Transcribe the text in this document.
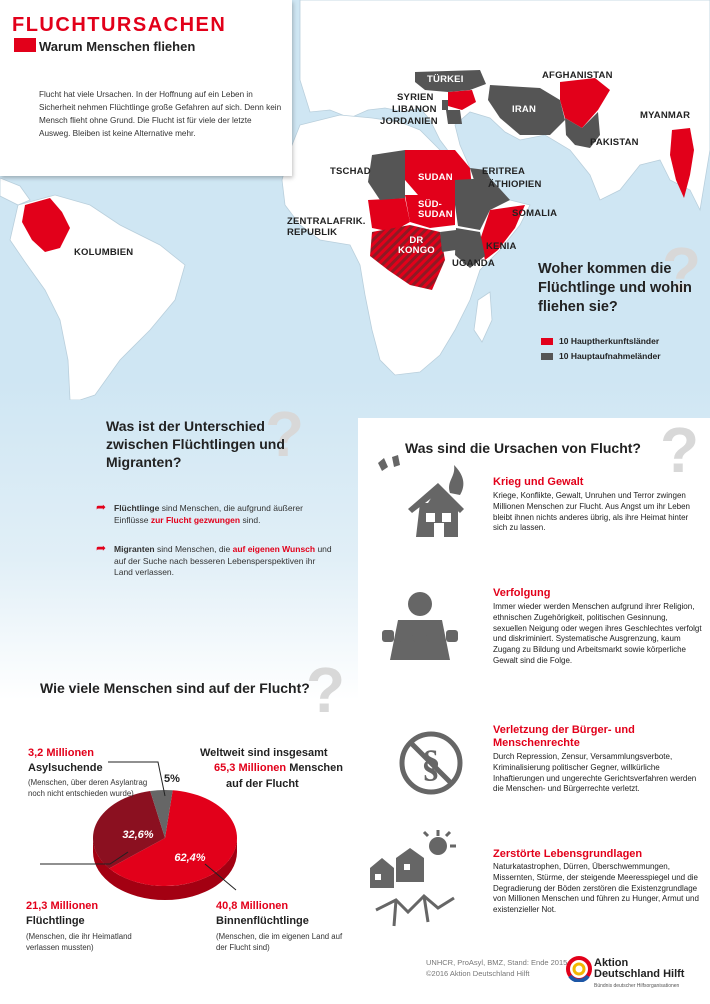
TÜRKEI
SYRIEN
LIBANON
JORDANIEN
AFGHANISTAN
IRAN
PAKISTAN
MYANMAR
TSCHAD
SUDAN
ERITREA
ÄTHIOPIEN
SÜD-
SUDAN	SOMALIA
ZENTRALAFRIK.
REPUBLIK
DR
KONGO	KENIA
UGANDA
KOLUMBIEN	?
Woher kommen die Flüchtlinge und wohin fliehen sie?
10 Hauptherkunftsländer
10 Hauptaufnahmeländer
FLUCHTURSACHEN
Warum Menschen fliehen
Flucht hat viele Ursachen. In der Hoffnung auf ein Leben in Sicherheit nehmen Flüchtlinge große Gefahren auf sich. Denn kein Mensch flieht ohne Grund. Die Flucht ist für viele der letzte Ausweg. Bleiben ist keine Alternative mehr.
?
Was ist der Unterschied zwischen Flüchtlingen und Migranten?
➦ Flüchtlinge sind Menschen, die aufgrund äußerer Einflüsse zur Flucht gezwungen sind.
➦ Migranten sind Menschen, die auf eigenen Wunsch und auf der Suche nach besseren Lebensperspektiven ihr Land verlassen.
?
Was sind die Ursachen von Flucht?
§
Krieg und Gewalt
Kriege, Konflikte, Gewalt, Unruhen und Terror zwingen Millionen Menschen zur Flucht. Aus Angst um ihr Leben bleibt ihnen nichts anderes übrig, als ihre Heimat hinter sich zu lassen.
Verfolgung
Immer wieder werden Menschen aufgrund ihrer Religion, ethnischen Zugehörigkeit, politischen Gesinnung, sexuellen Neigung oder wegen ihres Geschlechtes verfolgt und diskriminiert. Systematische Ausgrenzung, kaum Zugang zu Bildung und Arbeitsmarkt sowie körperliche Gewalt sind die Folge.
Verletzung der Bürger- und Menschenrechte
Durch Repression, Zensur, Versammlungsverbote, Kriminalisierung politischer Gegner, willkürliche Inhaftierungen und ungerechte Gerichtsverfahren werden die Menschen- und Bürgerrechte verletzt.
Zerstörte Lebensgrundlagen
Naturkatastrophen, Dürren, Überschwemmungen, Missernten, Stürme, der steigende Meeresspiegel und die Degradierung der Böden zerstören die Existenzgrundlage von Millionen Menschen und führen zu Hunger, Armut und existenzieller Not.
?
Wie viele Menschen sind auf der Flucht?
32,6%
62,4%
5%
3,2 Millionen
Asylsuchende
(Menschen, über deren Asylantrag noch nicht entschieden wurde)
Weltweit sind insgesamt
65,3 Millionen Menschen
auf der Flucht
21,3 Millionen
Flüchtlinge
(Menschen, die ihr Heimatland verlassen mussten)
40,8 Millionen
Binnenflüchtlinge
(Menschen, die im eigenen Land auf der Flucht sind)
UNHCR, ProAsyl, BMZ, Stand: Ende 2015
©2016 Aktion Deutschland Hilft
Aktion
Deutschland Hilft
Bündnis deutscher Hilfsorganisationen
